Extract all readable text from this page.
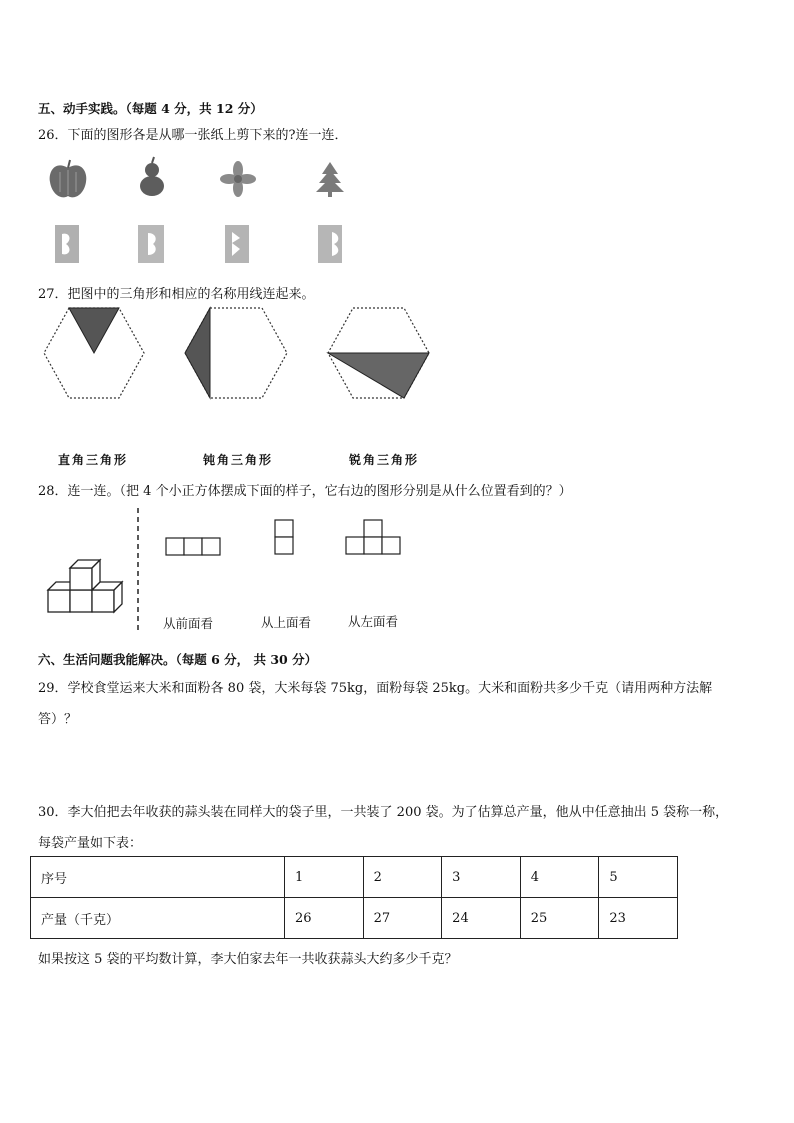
五、动手实践。（每题 4 分，共 12 分）
26．下面的图形各是从哪一张纸上剪下来的?连一连．
27．把图中的三角形和相应的名称用线连起来。
直角三角形	钝角三角形	锐角三角形
28．连一连。（把 4 个小正方体摆成下面的样子，它右边的图形分别是从什么位置看到的？）
从前面看	从上面看	从左面看
六、生活问题我能解决。（每题 6 分， 共 30 分）
29．学校食堂运来大米和面粉各 80 袋，大米每袋 75kg，面粉每袋 25kg。大米和面粉共多少千克（请用两种方法解
答）？
30．李大伯把去年收获的蒜头装在同样大的袋子里，一共装了 200 袋。为了估算总产量，他从中任意抽出 5 袋称一称，
每袋产量如下表：
序号	1	2	3	4	5
产量（千克）	26	27	24	25	23
如果按这 5 袋的平均数计算，李大伯家去年一共收获蒜头大约多少千克？
